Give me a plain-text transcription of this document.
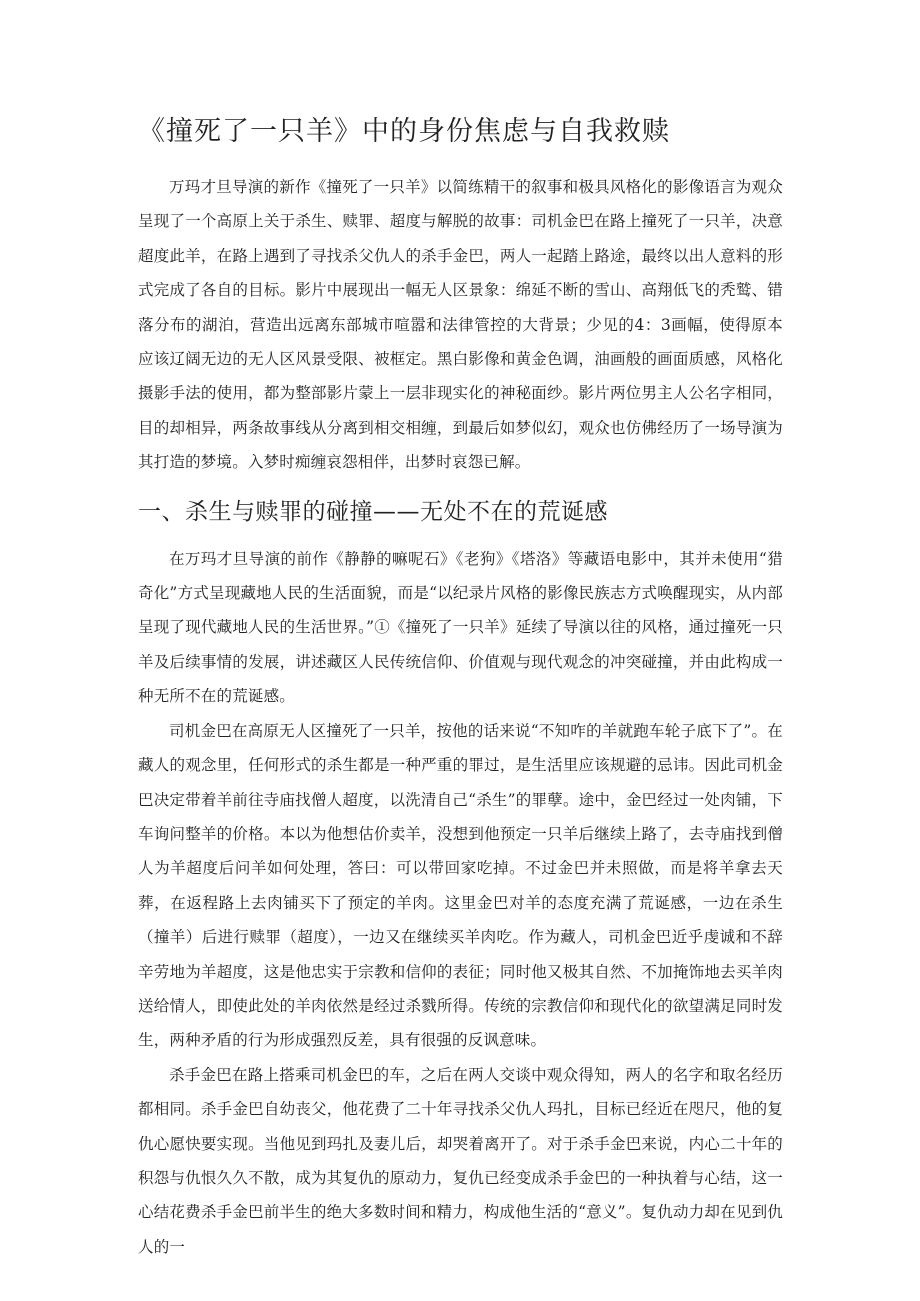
《撞死了一只羊》中的身份焦虑与自我救赎

万玛才旦导演的新作《撞死了一只羊》以简练精干的叙事和极具风格化的影像语言为观众呈现了一个高原上关于杀生、赎罪、超度与解脱的故事：司机金巴在路上撞死了一只羊，决意超度此羊，在路上遇到了寻找杀父仇人的杀手金巴，两人一起踏上路途，最终以出人意料的形式完成了各自的目标。影片中展现出一幅无人区景象：绵延不断的雪山、高翔低飞的秃鹫、错落分布的湖泊，营造出远离东部城市喧嚣和法律管控的大背景；少见的4：3画幅，使得原本应该辽阔无边的无人区风景受限、被框定。黑白影像和黄金色调，油画般的画面质感，风格化摄影手法的使用，都为整部影片蒙上一层非现实化的神秘面纱。影片两位男主人公名字相同，目的却相异，两条故事线从分离到相交相缠，到最后如梦似幻，观众也仿佛经历了一场导演为其打造的梦境。入梦时痴缠哀怨相伴，出梦时哀怨已解。

一、杀生与赎罪的碰撞——无处不在的荒诞感

在万玛才旦导演的前作《静静的嘛呢石》《老狗》《塔洛》等藏语电影中，其并未使用“猎奇化”方式呈现藏地人民的生活面貌，而是“以纪录片风格的影像民族志方式唤醒现实，从内部呈现了现代藏地人民的生活世界。”①《撞死了一只羊》延续了导演以往的风格，通过撞死一只羊及后续事情的发展，讲述藏区人民传统信仰、价值观与现代观念的冲突碰撞，并由此构成一种无所不在的荒诞感。

司机金巴在高原无人区撞死了一只羊，按他的话来说“不知咋的羊就跑车轮子底下了”。在藏人的观念里，任何形式的杀生都是一种严重的罪过，是生活里应该规避的忌讳。因此司机金巴决定带着羊前往寺庙找僧人超度，以洗清自己“杀生”的罪孽。途中，金巴经过一处肉铺，下车询问整羊的价格。本以为他想估价卖羊，没想到他预定一只羊后继续上路了，去寺庙找到僧人为羊超度后问羊如何处理，答曰：可以带回家吃掉。不过金巴并未照做，而是将羊拿去天葬，在返程路上去肉铺买下了预定的羊肉。这里金巴对羊的态度充满了荒诞感，一边在杀生（撞羊）后进行赎罪（超度），一边又在继续买羊肉吃。作为藏人，司机金巴近乎虔诚和不辞辛劳地为羊超度，这是他忠实于宗教和信仰的表征；同时他又极其自然、不加掩饰地去买羊肉送给情人，即使此处的羊肉依然是经过杀戮所得。传统的宗教信仰和现代化的欲望满足同时发生，两种矛盾的行为形成强烈反差，具有很强的反讽意味。

杀手金巴在路上搭乘司机金巴的车，之后在两人交谈中观众得知，两人的名字和取名经历都相同。杀手金巴自幼丧父，他花费了二十年寻找杀父仇人玛扎，目标已经近在咫尺，他的复仇心愿快要实现。当他见到玛扎及妻儿后，却哭着离开了。对于杀手金巴来说，内心二十年的积怨与仇恨久久不散，成为其复仇的原动力，复仇已经变成杀手金巴的一种执着与心结，这一心结花费杀手金巴前半生的绝大多数时间和精力，构成他生活的“意义”。复仇动力却在见到仇人的一
